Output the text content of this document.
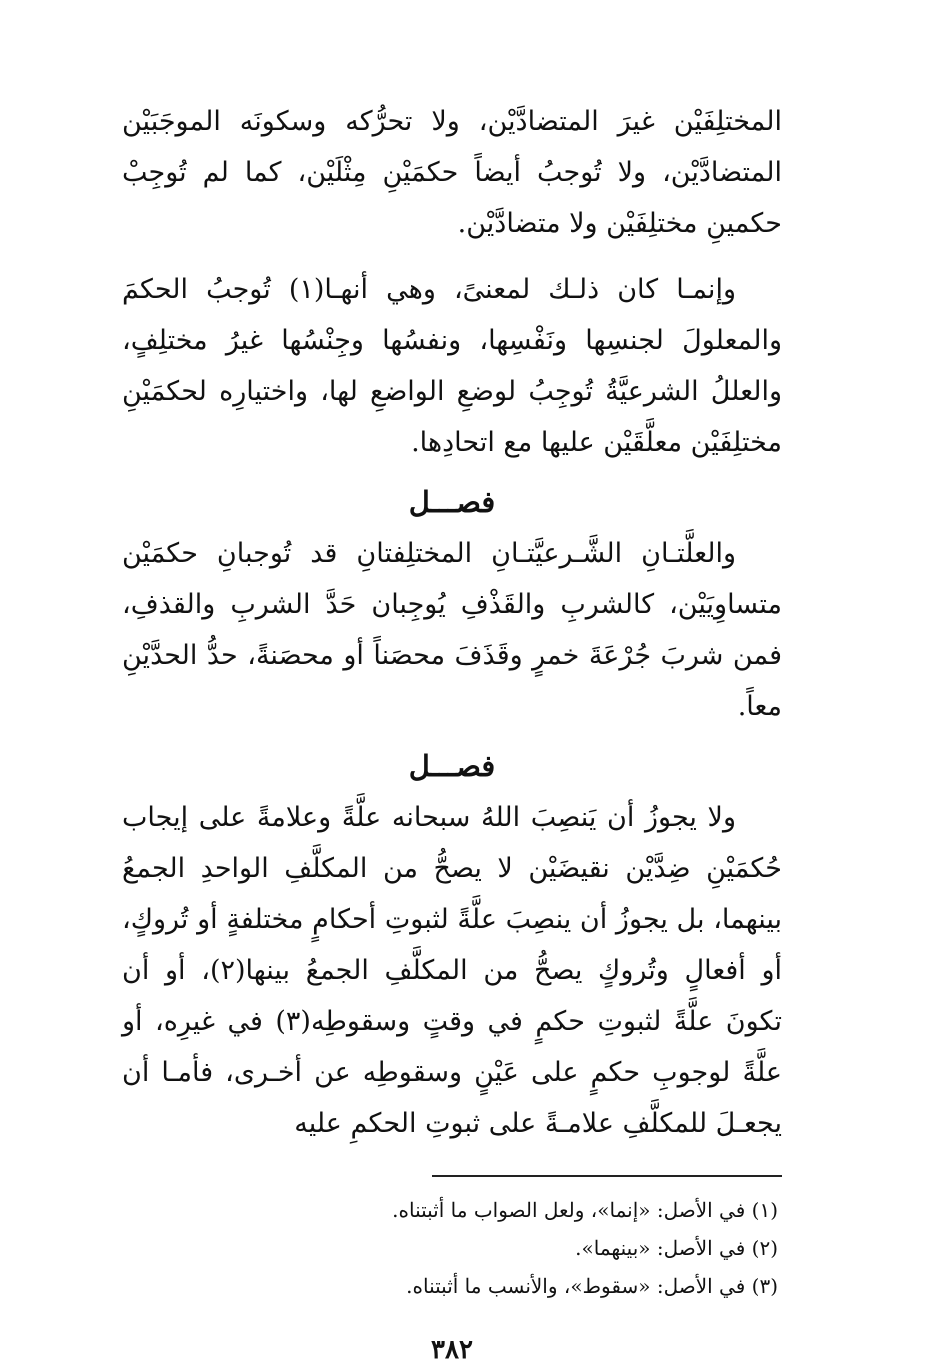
المختلِفَيْن غيرَ المتضادَّيْن، ولا تحرُّكه وسكونَه الموجَبَيْن المتضادَّيْن، ولا تُوجبُ أيضاً حكمَيْنِ مِثْلَيْن، كما لم تُوجِبْ حكمينِ مختلِفَيْن ولا متضادَّيْن.

وإنمـا كان ذلـك لمعنىً، وهي أنهـا(١) تُوجبُ الحكمَ والمعلولَ لجنسِها ونَفْسِها، ونفسُها وجِنْسُها غيرُ مختلِفٍ، والعللُ الشرعيَّةُ تُوجِبُ لوضعِ الواضعِ لها، واختيارِه لحكمَيْنِ مختلِفَيْن معلَّقَيْن عليها مع اتحادِها.

فصـــل

والعلَّتـانِ الشَّـرعيَّتـانِ المختلِفتانِ قد تُوجبانِ حكمَيْن متساوِيَيْن، كالشربِ والقَذْفِ يُوجِبان حَدَّ الشربِ والقذفِ، فمن شربَ جُرْعَةَ خمرٍ وقَذَفَ محصَناً أو محصَنةً، حدُّ الحدَّيْنِ معاً.

فصـــل

ولا يجوزُ أن يَنصِبَ اللهُ سبحانه علَّةً وعلامةً على إيجاب حُكمَيْنِ ضِدَّيْن نقيضَيْن لا يصحُّ من المكلَّفِ الواحدِ الجمعُ بينهما، بل يجوزُ أن ينصِبَ علَّةً لثبوتِ أحكامٍ مختلفةٍ أو تُروكٍ، أو أفعالٍ وتُروكٍ يصحُّ من المكلَّفِ الجمعُ بينها(٢)، أو أن تكونَ علَّةً لثبوتِ حكمٍ في وقتٍ وسقوطِه(٣) في غيرِه، أو علَّةً لوجوبِ حكمٍ على عَيْنٍ وسقوطِه عن أخـرى، فأمـا أن يجعـلَ للمكلَّفِ علامـةً على ثبوتِ الحكمِ عليه

(١) في الأصل: «إنما»، ولعل الصواب ما أثبتناه.
(٢) في الأصل: «بينهما».
(٣) في الأصل: «سقوط»، والأنسب ما أثبتناه.
٣٨٢
